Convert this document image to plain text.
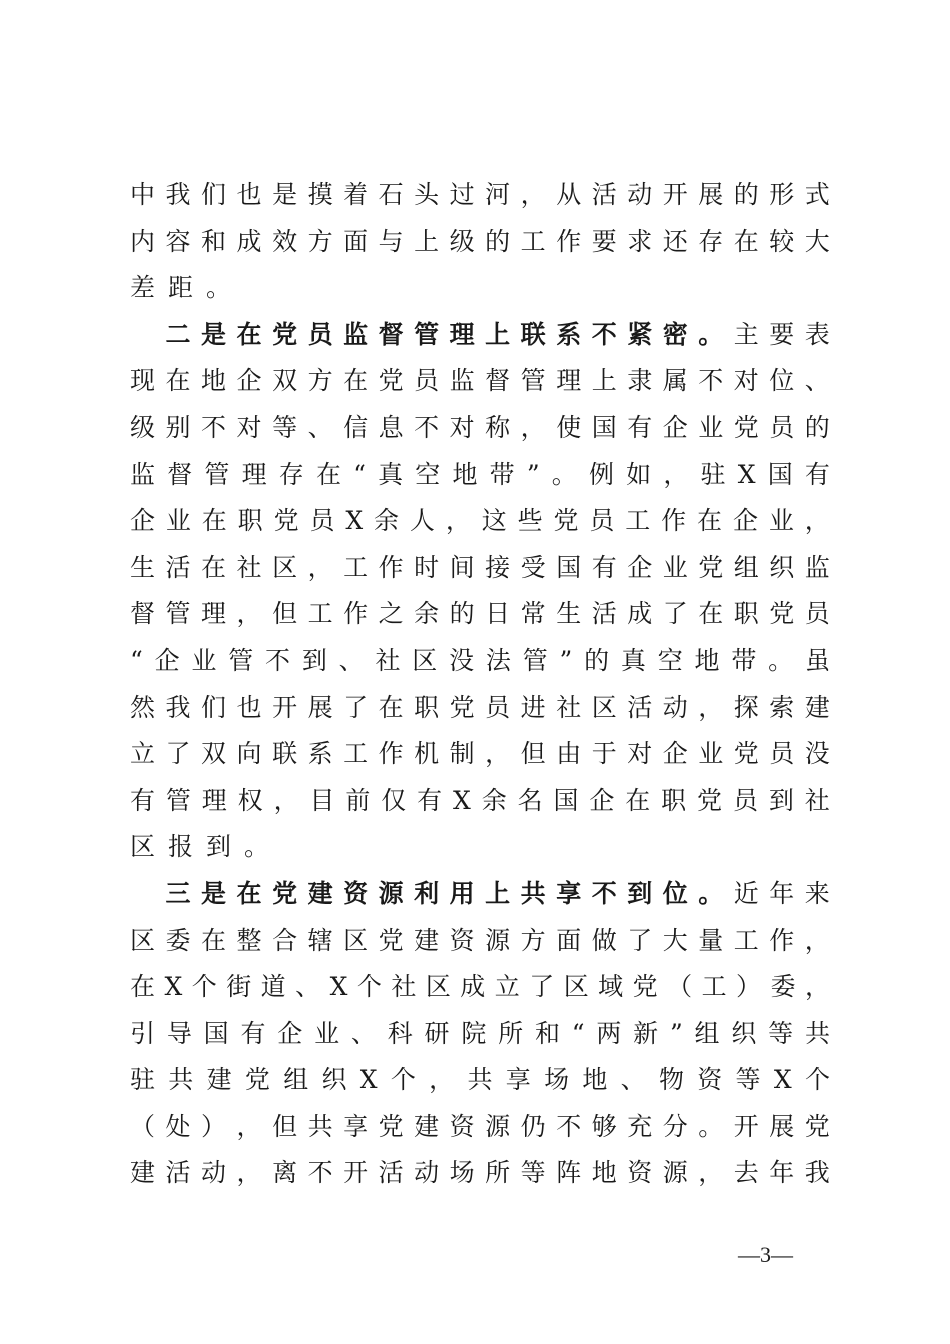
中 我 们 也 是 摸 着 石 头 过 河 ， 从 活 动 开 展 的 形 式
内 容 和 成 效 方 面 与 上 级 的 工 作 要 求 还 存 在 较 大
差 距 。

二 是 在 党 员 监 督 管 理 上 联 系 不 紧 密 。 主 要 表
现 在 地 企 双 方 在 党 员 监 督 管 理 上 隶 属 不 对 位 、
级 别 不 对 等 、 信 息 不 对 称 ， 使 国 有 企 业 党 员 的
监 督 管 理 存 在 “ 真 空 地 带 ” 。 例 如 ， 驻 X 国 有
企 业 在 职 党 员 X 余 人 ， 这 些 党 员 工 作 在 企 业 ，
生 活 在 社 区 ， 工 作 时 间 接 受 国 有 企 业 党 组 织 监
督 管 理 ， 但 工 作 之 余 的 日 常 生 活 成 了 在 职 党 员
“ 企 业 管 不 到 、 社 区 没 法 管 ” 的 真 空 地 带 。 虽
然 我 们 也 开 展 了 在 职 党 员 进 社 区 活 动 ， 探 索 建
立 了 双 向 联 系 工 作 机 制 ， 但 由 于 对 企 业 党 员 没
有 管 理 权 ， 目 前 仅 有 X 余 名 国 企 在 职 党 员 到 社
区 报 到 。

三 是 在 党 建 资 源 利 用 上 共 享 不 到 位 。 近 年 来
区 委 在 整 合 辖 区 党 建 资 源 方 面 做 了 大 量 工 作 ，
在 X 个 街 道 、 X 个 社 区 成 立 了 区 域 党 （ 工 ） 委 ，
引 导 国 有 企 业 、 科 研 院 所 和 “ 两 新 ” 组 织 等 共
驻 共 建 党 组 织 X 个 ， 共 享 场 地 、 物 资 等 X 个
（ 处 ） ， 但 共 享 党 建 资 源 仍 不 够 充 分 。 开 展 党
建 活 动 ， 离 不 开 活 动 场 所 等 阵 地 资 源 ， 去 年 我
—3—
